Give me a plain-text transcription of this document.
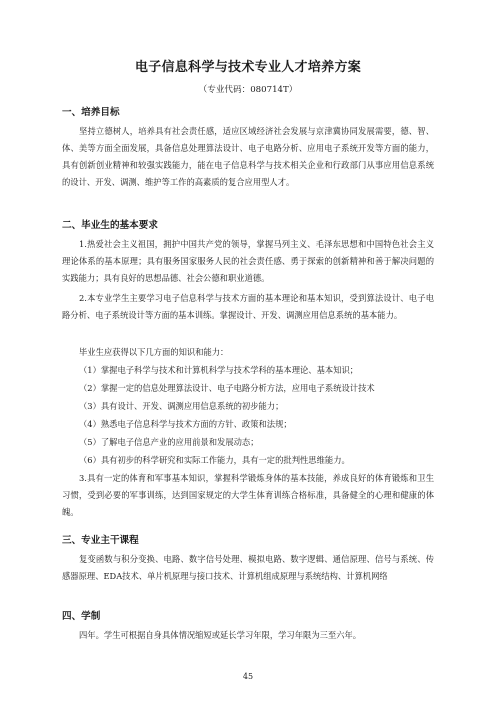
电子信息科学与技术专业人才培养方案
（专业代码：080714T）
一、培养目标
坚持立德树人，培养具有社会责任感，适应区域经济社会发展与京津冀协同发展需要，德、智、体、美等方面全面发展，具备信息处理算法设计、电子电路分析、应用电子系统开发等方面的能力，具有创新创业精神和较强实践能力，能在电子信息科学与技术相关企业和行政部门从事应用信息系统的设计、开发、调测、维护等工作的高素质的复合应用型人才。
二、毕业生的基本要求
1.热爱社会主义祖国，拥护中国共产党的领导，掌握马列主义、毛泽东思想和中国特色社会主义理论体系的基本原理；具有服务国家服务人民的社会责任感、勇于探索的创新精神和善于解决问题的实践能力；具有良好的思想品德、社会公德和职业道德。
2.本专业学生主要学习电子信息科学与技术方面的基本理论和基本知识，受到算法设计、电子电路分析、电子系统设计等方面的基本训练。掌握设计、开发、调测应用信息系统的基本能力。
毕业生应获得以下几方面的知识和能力：
（1）掌握电子科学与技术和计算机科学与技术学科的基本理论、基本知识；
（2）掌握一定的信息处理算法设计、电子电路分析方法，应用电子系统设计技术
（3）具有设计、开发、调测应用信息系统的初步能力；
（4）熟悉电子信息科学与技术方面的方针、政策和法规；
（5）了解电子信息产业的应用前景和发展动态；
（6）具有初步的科学研究和实际工作能力，具有一定的批判性思维能力。
3.具有一定的体育和军事基本知识，掌握科学锻炼身体的基本技能，养成良好的体育锻炼和卫生习惯，受到必要的军事训练，达到国家规定的大学生体育训练合格标准，具备健全的心理和健康的体魄。
三、专业主干课程
复变函数与积分变换、电路、数字信号处理、模拟电路、数字逻辑、通信原理、信号与系统、传感器原理、EDA技术、单片机原理与接口技术、计算机组成原理与系统结构、计算机网络
四、学制
四年。学生可根据自身具体情况缩短或延长学习年限，学习年限为三至六年。
45
